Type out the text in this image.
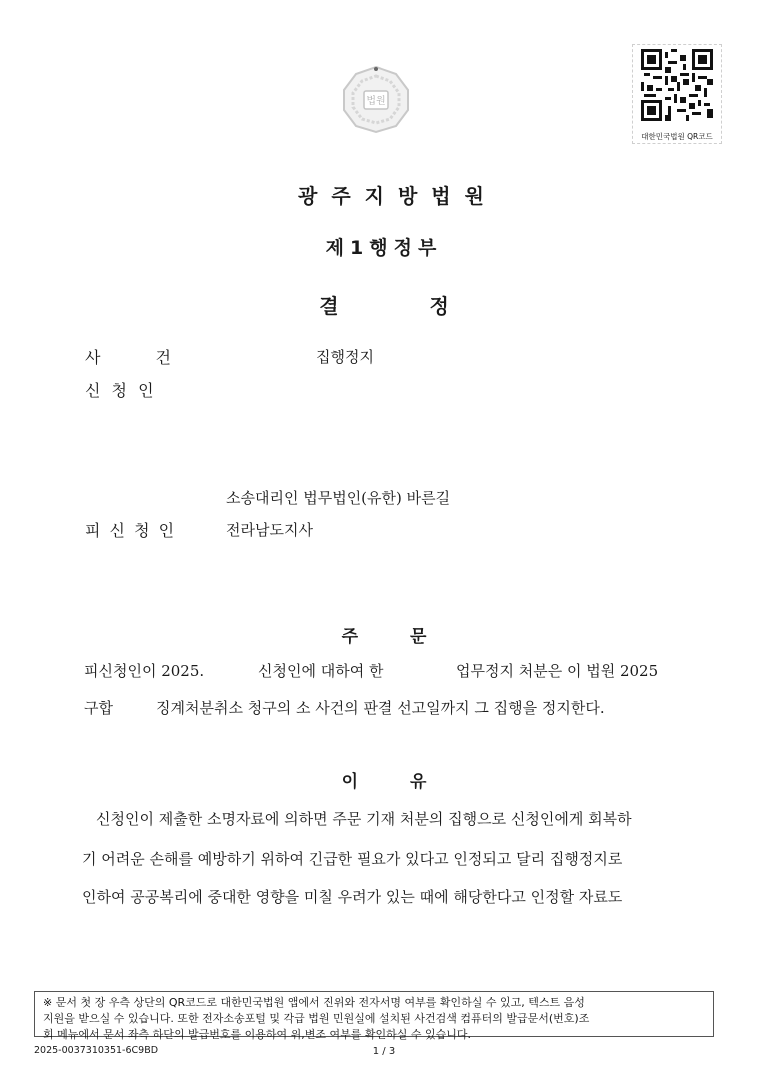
법원
대한민국법원 QR코드
광주지방법원
제1행정부
결 정
사 건	집행정지
신 청 인
소송대리인 법무법인(유한) 바른길
피 신 청 인	전라남도지사
주 문
피신청인이 2025.	신청인에 대하여 한	업무정지 처분은 이 법원 2025
구합	징계처분취소 청구의 소 사건의 판결 선고일까지 그 집행을 정지한다.
이 유
신청인이 제출한 소명자료에 의하면 주문 기재 처분의 집행으로 신청인에게 회복하
기 어려운 손해를 예방하기 위하여 긴급한 필요가 있다고 인정되고 달리 집행정지로
인하여 공공복리에 중대한 영향을 미칠 우려가 있는 때에 해당한다고 인정할 자료도

※ 문서 첫 장 우측 상단의 QR코드로 대한민국법원 앱에서 진위와 전자서명 여부를 확인하실 수 있고, 텍스트 음성

지원을 받으실 수 있습니다. 또한 전자소송포털 및 각급 법원 민원실에 설치된 사건검색 컴퓨터의 발급문서(번호)조

회 메뉴에서 문서 좌측 하단의 발급번호를 이용하여 위,변조 여부를 확인하실 수 있습니다.

2025-0037310351-6C9BD	1 / 3
